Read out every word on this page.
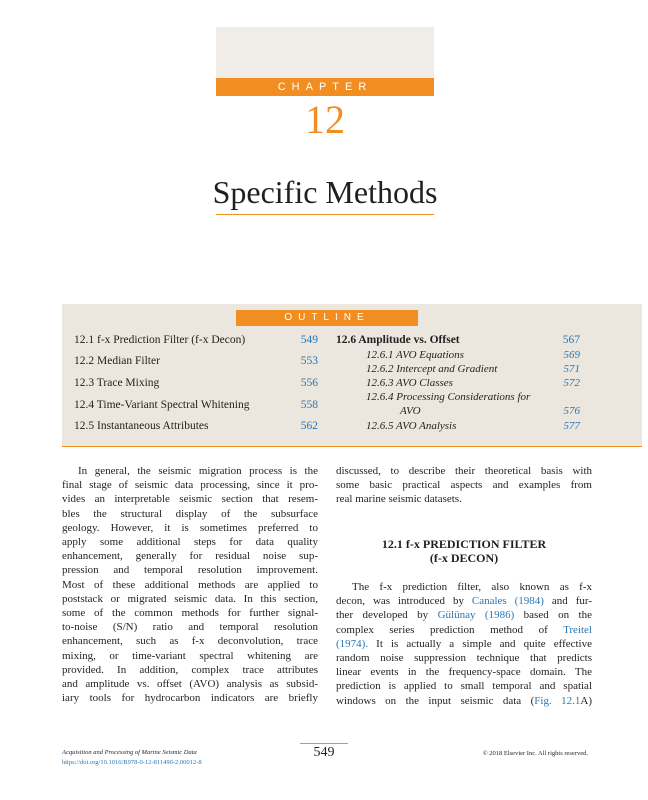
CHAPTER
12
Specific Methods
OUTLINE
12.1 f-x Prediction Filter (f-x Decon)	549
12.2 Median Filter	553
12.3 Trace Mixing	556
12.4 Time-Variant Spectral Whitening	558
12.5 Instantaneous Attributes	562
12.6 Amplitude vs. Offset	567
12.6.1 AVO Equations	569
12.6.2 Intercept and Gradient	571
12.6.3 AVO Classes	572
12.6.4 Processing Considerations for
AVO	576
12.6.5 AVO Analysis	577
In general, the seismic migration process is the
final stage of seismic data processing, since it pro-
vides an interpretable seismic section that resem-
bles the structural display of the subsurface
geology. However, it is sometimes preferred to
apply some additional steps for data quality
enhancement, generally for residual noise sup-
pression and temporal resolution improvement.
Most of these additional methods are applied to
poststack or migrated seismic data. In this section,
some of the common methods for further signal-
to-noise (S/N) ratio and temporal resolution
enhancement, such as f-x deconvolution, trace
mixing, or time-variant spectral whitening are
provided. In addition, complex trace attributes
and amplitude vs. offset (AVO) analysis as subsid-
iary tools for hydrocarbon indicators are briefly
discussed, to describe their theoretical basis with
some basic practical aspects and examples from
real marine seismic datasets.
12.1 f-x PREDICTION FILTER
(f-x DECON)
The f-x prediction filter, also known as f-x
decon, was introduced by Canales (1984) and fur-
ther developed by Gülünay (1986) based on the
complex series prediction method of Treitel
(1974). It is actually a simple and quite effective
random noise suppression technique that predicts
linear events in the frequency-space domain. The
prediction is applied to small temporal and spatial
windows on the input seismic data (Fig. 12.1A)
Acquisition and Processing of Marine Seismic Data
https://doi.org/10.1016/B978-0-12-811490-2.00012-8
549	© 2018 Elsevier Inc. All rights reserved.
